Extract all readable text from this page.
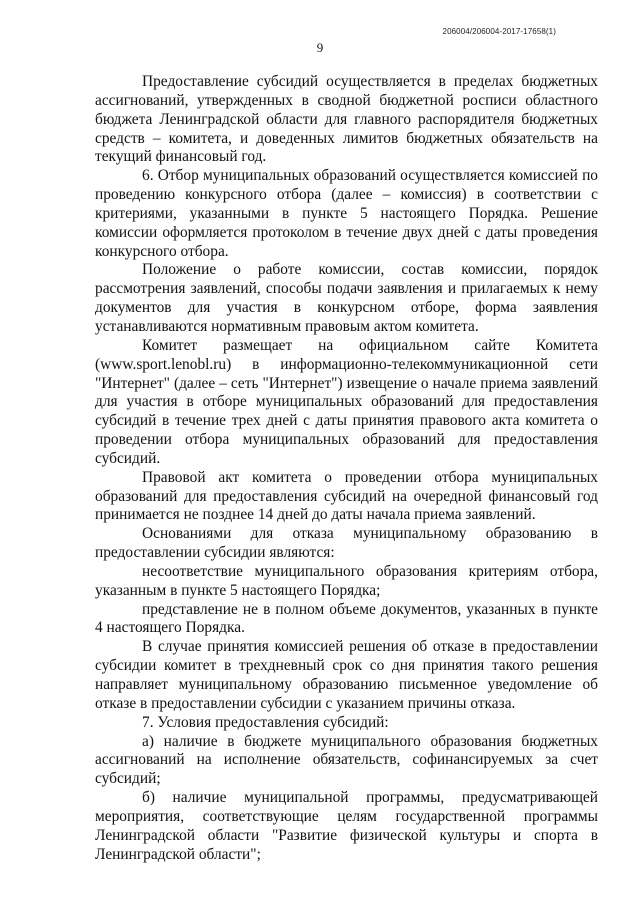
206004/206004-2017-17658(1)
9

Предоставление субсидий осуществляется в пределах бюджетных ассигнований, утвержденных в сводной бюджетной росписи областного бюджета Ленинградской области для главного распорядителя бюджетных средств – комитета, и доведенных лимитов бюджетных обязательств на текущий финансовый год.

6. Отбор муниципальных образований осуществляется комиссией по проведению конкурсного отбора (далее – комиссия) в соответствии с критериями, указанными в пункте 5 настоящего Порядка. Решение комиссии оформляется протоколом в течение двух дней с даты проведения конкурсного отбора.

Положение о работе комиссии, состав комиссии, порядок рассмотрения заявлений, способы подачи заявления и прилагаемых к нему документов для участия в конкурсном отборе, форма заявления устанавливаются нормативным правовым актом комитета.

Комитет размещает на официальном сайте Комитета (www.sport.lenobl.ru) в информационно-телекоммуникационной сети "Интернет" (далее – сеть "Интернет") извещение о начале приема заявлений для участия в отборе муниципальных образований для предоставления субсидий в течение трех дней с даты принятия правового акта комитета о проведении отбора муниципальных образований для предоставления субсидий.

Правовой акт комитета о проведении отбора муниципальных образований для предоставления субсидий на очередной финансовый год принимается не позднее 14 дней до даты начала приема заявлений.

Основаниями для отказа муниципальному образованию в предоставлении субсидии являются:

несоответствие муниципального образования критериям отбора, указанным в пункте 5 настоящего Порядка;

представление не в полном объеме документов, указанных в пункте 4 настоящего Порядка.

В случае принятия комиссией решения об отказе в предоставлении субсидии комитет в трехдневный срок со дня принятия такого решения направляет муниципальному образованию письменное уведомление об отказе в предоставлении субсидии с указанием причины отказа.

7. Условия предоставления субсидий:

а) наличие в бюджете муниципального образования бюджетных ассигнований на исполнение обязательств, софинансируемых за счет субсидий;

б) наличие муниципальной программы, предусматривающей мероприятия, соответствующие целям государственной программы Ленинградской области "Развитие физической культуры и спорта в Ленинградской области";
